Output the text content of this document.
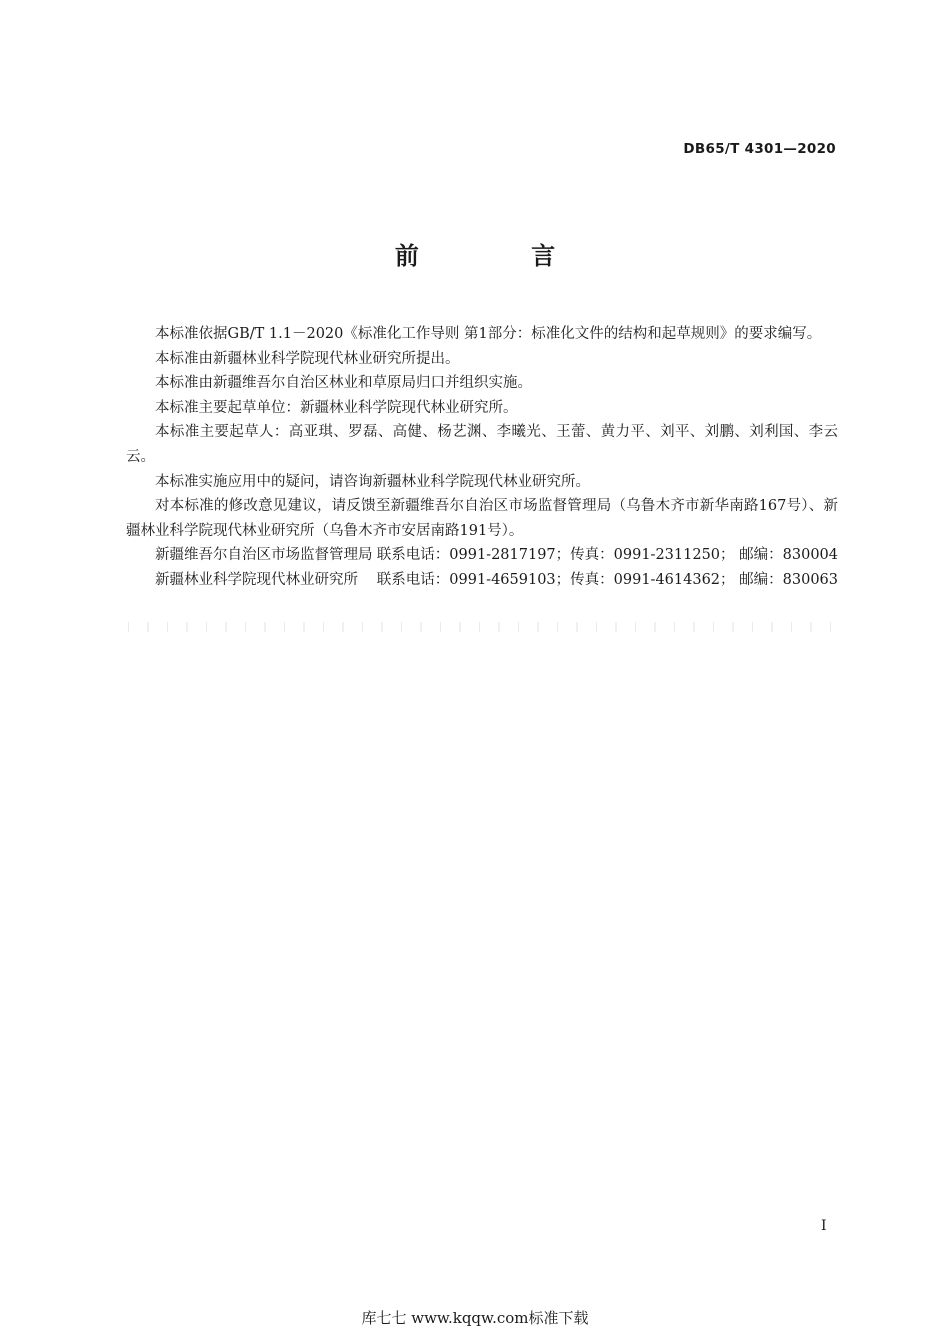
DB65/T 4301—2020
前 言

本标准依据GB/T 1.1－2020《标准化工作导则 第1部分：标准化文件的结构和起草规则》的要求编写。

本标准由新疆林业科学院现代林业研究所提出。

本标准由新疆维吾尔自治区林业和草原局归口并组织实施。

本标准主要起草单位：新疆林业科学院现代林业研究所。

本标准主要起草人：高亚琪、罗磊、高健、杨艺渊、李曦光、王蕾、黄力平、刘平、刘鹏、刘利国、李云云。

本标准实施应用中的疑问，请咨询新疆林业科学院现代林业研究所。

对本标准的修改意见建议，请反馈至新疆维吾尔自治区市场监督管理局（乌鲁木齐市新华南路167号）、新疆林业科学院现代林业研究所（乌鲁木齐市安居南路191号）。

新疆维吾尔自治区市场监督管理局 联系电话：0991-2817197；传真：0991-2311250； 邮编：830004
新疆林业科学院现代林业研究所	联系电话：0991-4659103；传真：0991-4614362； 邮编：830063
I
库七七 www.kqqw.com标准下载
